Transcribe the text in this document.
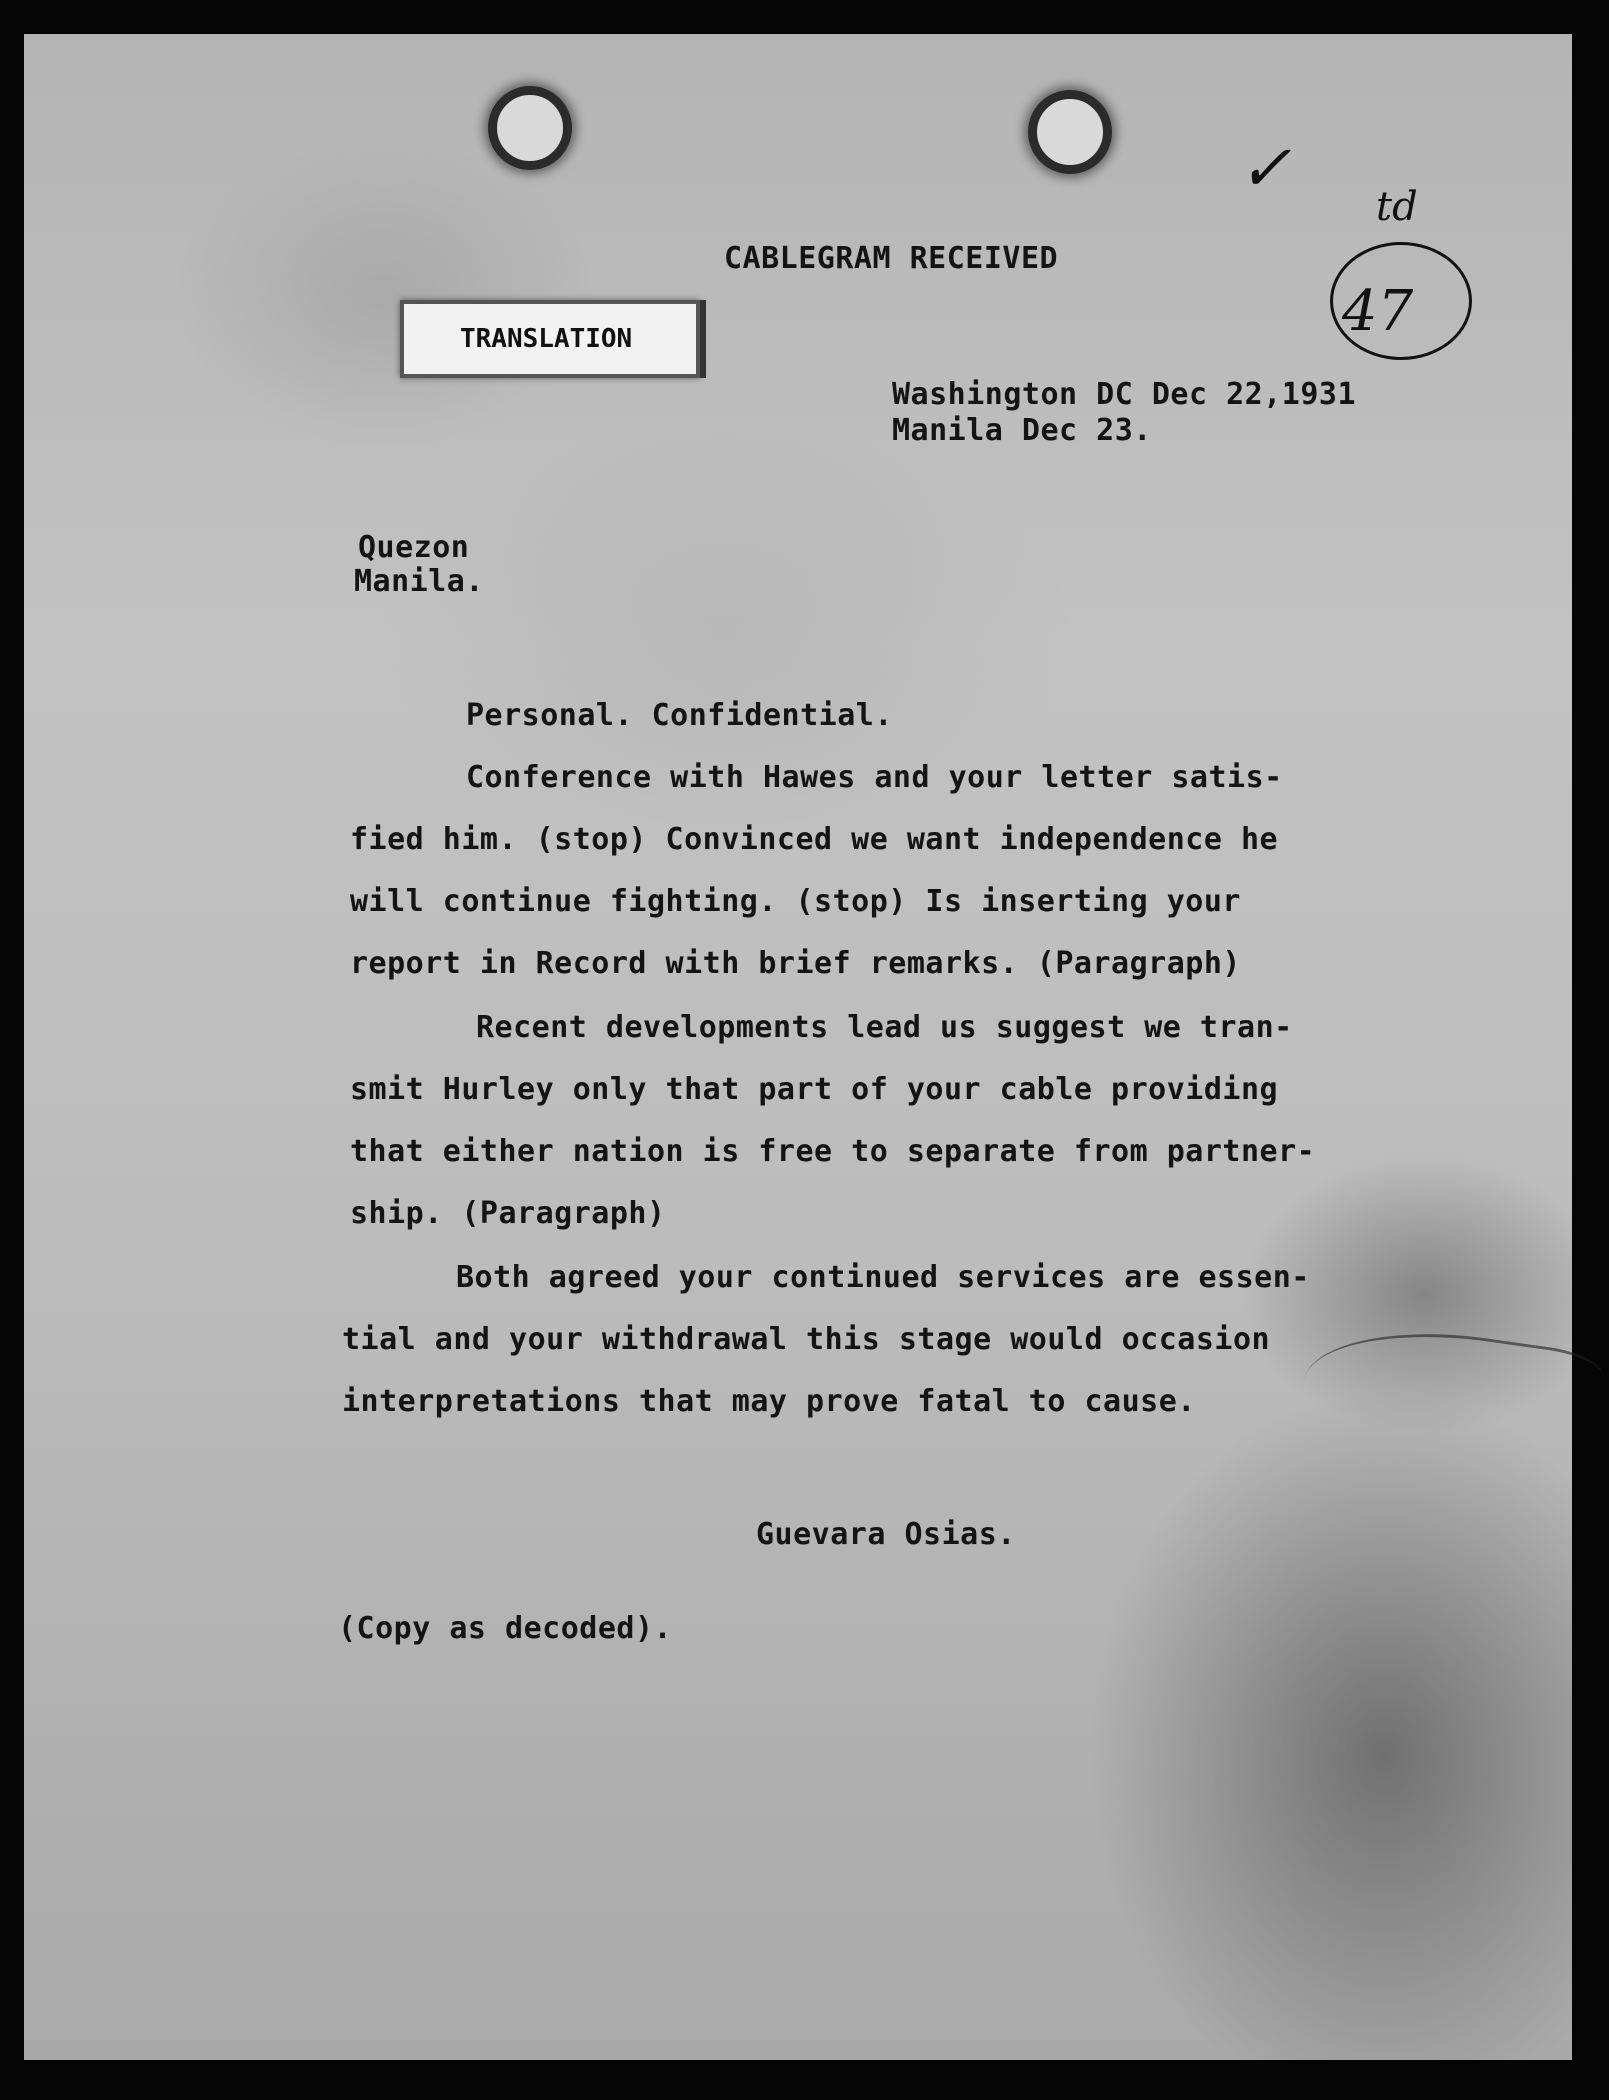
✓
td
47
CABLEGRAM RECEIVED
TRANSLATION
Washington DC Dec 22,1931
Manila Dec 23.
Quezon
Manila.
Personal. Confidential.
Conference with Hawes and your letter satis-
fied him. (stop) Convinced we want independence he
will continue fighting. (stop) Is inserting your
report in Record with brief remarks. (Paragraph)
Recent developments lead us suggest we tran-
smit Hurley only that part of your cable providing
that either nation is free to separate from partner-
ship. (Paragraph)
Both agreed your continued services are essen-
tial and your withdrawal this stage would occasion
interpretations that may prove fatal to cause.
Guevara Osias.
(Copy as decoded).
